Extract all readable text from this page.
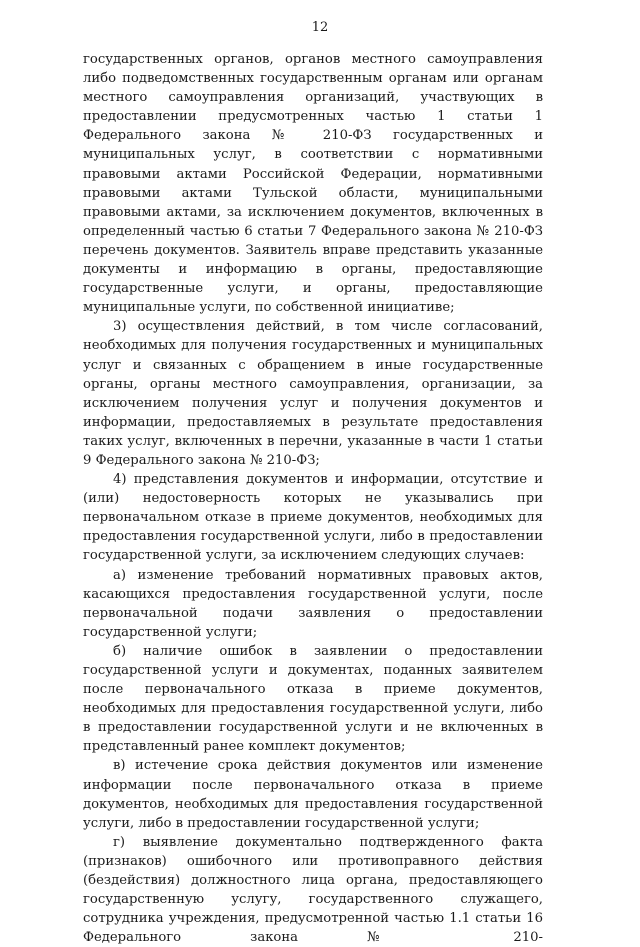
12

государственных органов, органов местного самоуправления либо подведомственных государственным органам или органам местного самоуправления организаций, участвующих в предоставлении предусмотренных частью 1 статьи 1 Федерального закона № 210-ФЗ государственных и муниципальных услуг, в соответствии с нормативными правовыми актами Российской Федерации, нормативными правовыми актами Тульской области, муниципальными правовыми актами, за исключением документов, включенных в определенный частью 6 статьи 7 Федерального закона № 210-ФЗ перечень документов. Заявитель вправе представить указанные документы и информацию в органы, предоставляющие государственные услуги, и органы, предоставляющие муниципальные услуги, по собственной инициативе;

3) осуществления действий, в том числе согласований, необходимых для получения государственных и муниципальных услуг и связанных с обращением в иные государственные органы, органы местного самоуправления, организации, за исключением получения услуг и получения документов и информации, предоставляемых в результате предоставления таких услуг, включенных в перечни, указанные в части 1 статьи 9 Федерального закона № 210-ФЗ;

4) представления документов и информации, отсутствие и (или) недостоверность которых не указывались при первоначальном отказе в приеме документов, необходимых для предоставления государственной услуги, либо в предоставлении государственной услуги, за исключением следующих случаев:

а) изменение требований нормативных правовых актов, касающихся предоставления государственной услуги, после первоначальной подачи заявления о предоставлении государственной услуги;

б) наличие ошибок в заявлении о предоставлении государственной услуги и документах, поданных заявителем после первоначального отказа в приеме документов, необходимых для предоставления государственной услуги, либо в предоставлении государственной услуги и не включенных в представленный ранее комплект документов;

в) истечение срока действия документов или изменение информации после первоначального отказа в приеме документов, необходимых для предоставления государственной услуги, либо в предоставлении государственной услуги;

г) выявление документально подтвержденного факта (признаков) ошибочного или противоправного действия (бездействия) должностного лица органа, предоставляющего государственную услугу, государственного служащего, сотрудника учреждения, предусмотренной частью 1.1 статьи 16 Федерального закона № 210-
